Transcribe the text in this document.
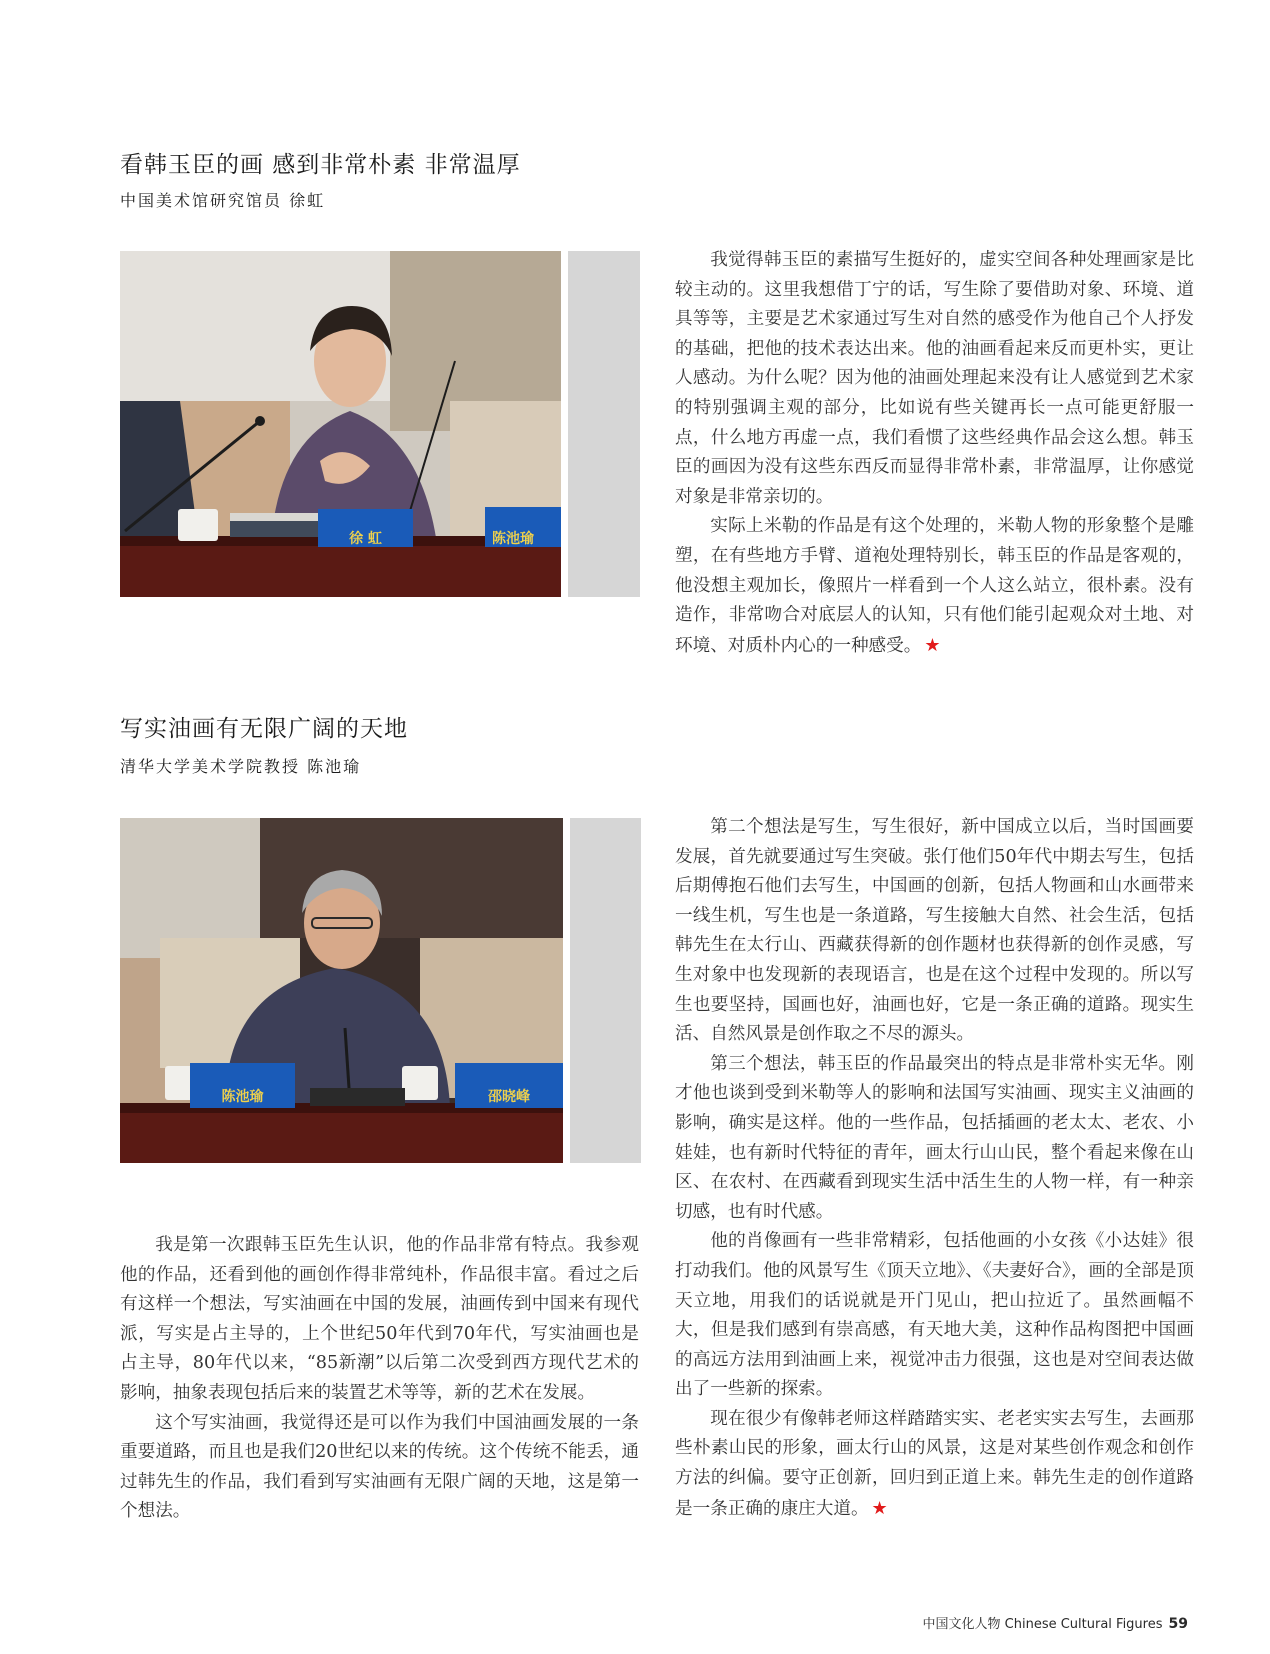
看韩玉臣的画 感到非常朴素 非常温厚
中国美术馆研究馆员 徐虹
徐 虹	陈池瑜

我觉得韩玉臣的素描写生挺好的，虚实空间各种处理画家是比较主动的。这里我想借丁宁的话，写生除了要借助对象、环境、道具等等，主要是艺术家通过写生对自然的感受作为他自己个人抒发的基础，把他的技术表达出来。他的油画看起来反而更朴实，更让人感动。为什么呢？因为他的油画处理起来没有让人感觉到艺术家的特别强调主观的部分，比如说有些关键再长一点可能更舒服一点，什么地方再虚一点，我们看惯了这些经典作品会这么想。韩玉臣的画因为没有这些东西反而显得非常朴素，非常温厚，让你感觉对象是非常亲切的。

实际上米勒的作品是有这个处理的，米勒人物的形象整个是雕塑，在有些地方手臂、道袍处理特别长，韩玉臣的作品是客观的，他没想主观加长，像照片一样看到一个人这么站立，很朴素。没有造作，非常吻合对底层人的认知，只有他们能引起观众对土地、对环境、对质朴内心的一种感受。 ★

写实油画有无限广阔的天地
清华大学美术学院教授 陈池瑜
陈池瑜	邵晓峰

我是第一次跟韩玉臣先生认识，他的作品非常有特点。我参观他的作品，还看到他的画创作得非常纯朴，作品很丰富。看过之后有这样一个想法，写实油画在中国的发展，油画传到中国来有现代派，写实是占主导的，上个世纪50年代到70年代，写实油画也是占主导，80年代以来，“85新潮”以后第二次受到西方现代艺术的影响，抽象表现包括后来的装置艺术等等，新的艺术在发展。

这个写实油画，我觉得还是可以作为我们中国油画发展的一条重要道路，而且也是我们20世纪以来的传统。这个传统不能丢，通过韩先生的作品，我们看到写实油画有无限广阔的天地，这是第一个想法。

第二个想法是写生，写生很好，新中国成立以后，当时国画要发展，首先就要通过写生突破。张仃他们50年代中期去写生，包括后期傅抱石他们去写生，中国画的创新，包括人物画和山水画带来一线生机，写生也是一条道路，写生接触大自然、社会生活，包括韩先生在太行山、西藏获得新的创作题材也获得新的创作灵感，写生对象中也发现新的表现语言，也是在这个过程中发现的。所以写生也要坚持，国画也好，油画也好，它是一条正确的道路。现实生活、自然风景是创作取之不尽的源头。

第三个想法，韩玉臣的作品最突出的特点是非常朴实无华。刚才他也谈到受到米勒等人的影响和法国写实油画、现实主义油画的影响，确实是这样。他的一些作品，包括插画的老太太、老农、小娃娃，也有新时代特征的青年，画太行山山民，整个看起来像在山区、在农村、在西藏看到现实生活中活生生的人物一样，有一种亲切感，也有时代感。

他的肖像画有一些非常精彩，包括他画的小女孩《小达娃》很打动我们。他的风景写生《顶天立地》、《夫妻好合》，画的全部是顶天立地，用我们的话说就是开门见山，把山拉近了。虽然画幅不大，但是我们感到有崇高感，有天地大美，这种作品构图把中国画的高远方法用到油画上来，视觉冲击力很强，这也是对空间表达做出了一些新的探索。

现在很少有像韩老师这样踏踏实实、老老实实去写生，去画那些朴素山民的形象，画太行山的风景，这是对某些创作观念和创作方法的纠偏。要守正创新，回归到正道上来。韩先生走的创作道路是一条正确的康庄大道。 ★

中国文化人物 Chinese Cultural Figures 59
